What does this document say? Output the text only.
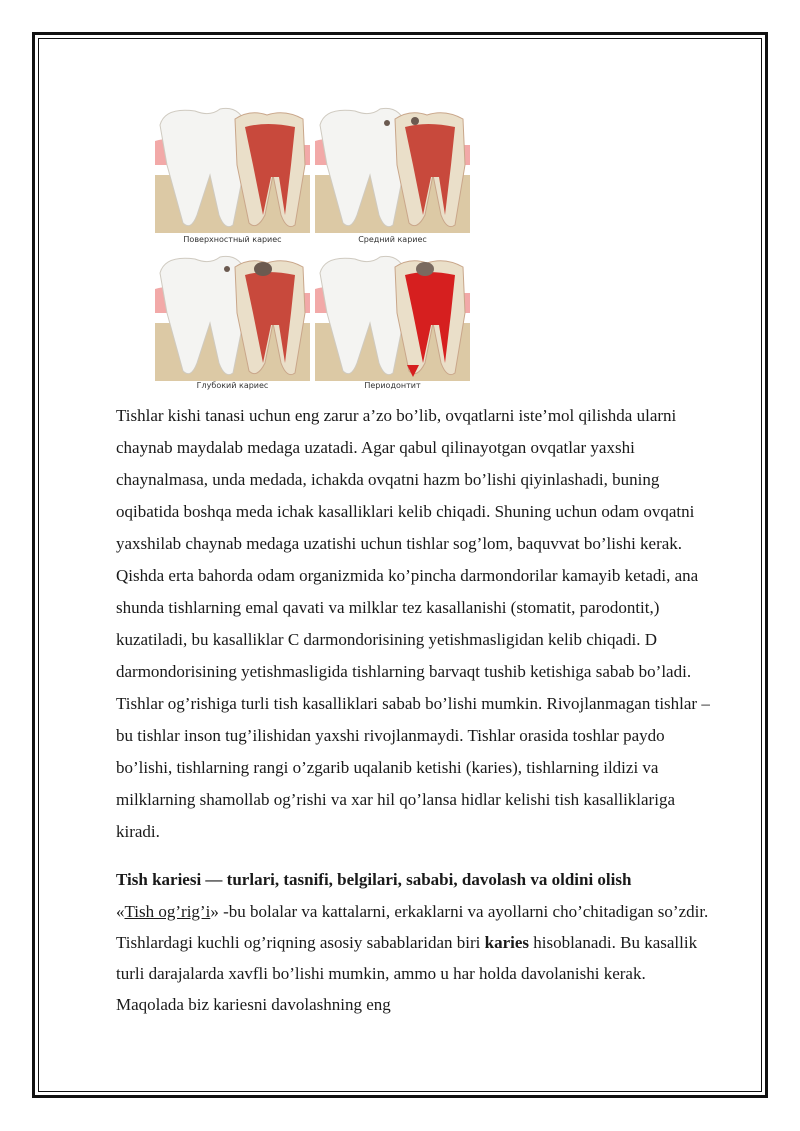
Поверхностный кариес	Средний кариес
Глубокий кариес	Периодонтит

Tishlar kishi tanasi uchun eng zarur a’zo bo’lib, ovqatlarni iste’mol qilishda ularni chaynab maydalab medaga uzatadi. Agar qabul qilinayotgan ovqatlar yaxshi chaynalmasa, unda medada, ichakda ovqatni hazm bo’lishi qiyinlashadi, buning oqibatida boshqa meda ichak kasalliklari kelib chiqadi. Shuning uchun odam ovqatni yaxshilab chaynab medaga uzatishi uchun tishlar sog’lom, baquvvat bo’lishi kerak. Qishda erta bahorda odam organizmida ko’pincha darmondorilar kamayib ketadi, ana shunda tishlarning emal qavati va milklar tez kasallanishi (stomatit, parodontit,) kuzatiladi, bu kasalliklar C darmondorisining yetishmasligidan kelib chiqadi. D darmondorisining yetishmasligida tishlarning barvaqt tushib ketishiga sabab bo’ladi. Tishlar og’rishiga turli tish kasalliklari sabab bo’lishi mumkin. Rivojlanmagan tishlar – bu tishlar inson tug’ilishidan yaxshi rivojlanmaydi. Tishlar orasida toshlar paydo bo’lishi, tishlarning rangi o’zgarib uqalanib ketishi (karies), tishlarning ildizi va milklarning shamollab og’rishi va xar hil qo’lansa hidlar kelishi tish kasalliklariga kiradi.

Tish kariesi — turlari, tasnifi, belgilari, sababi, davolash va oldini olish

«Tish og’rig’i» -bu bolalar va kattalarni, erkaklarni va ayollarni cho’chitadigan so’zdir. Tishlardagi kuchli og’riqning asosiy sabablaridan biri karies hisoblanadi. Bu kasallik turli darajalarda xavfli bo’lishi mumkin, ammo u har holda davolanishi kerak. Maqolada biz kariesni davolashning eng
